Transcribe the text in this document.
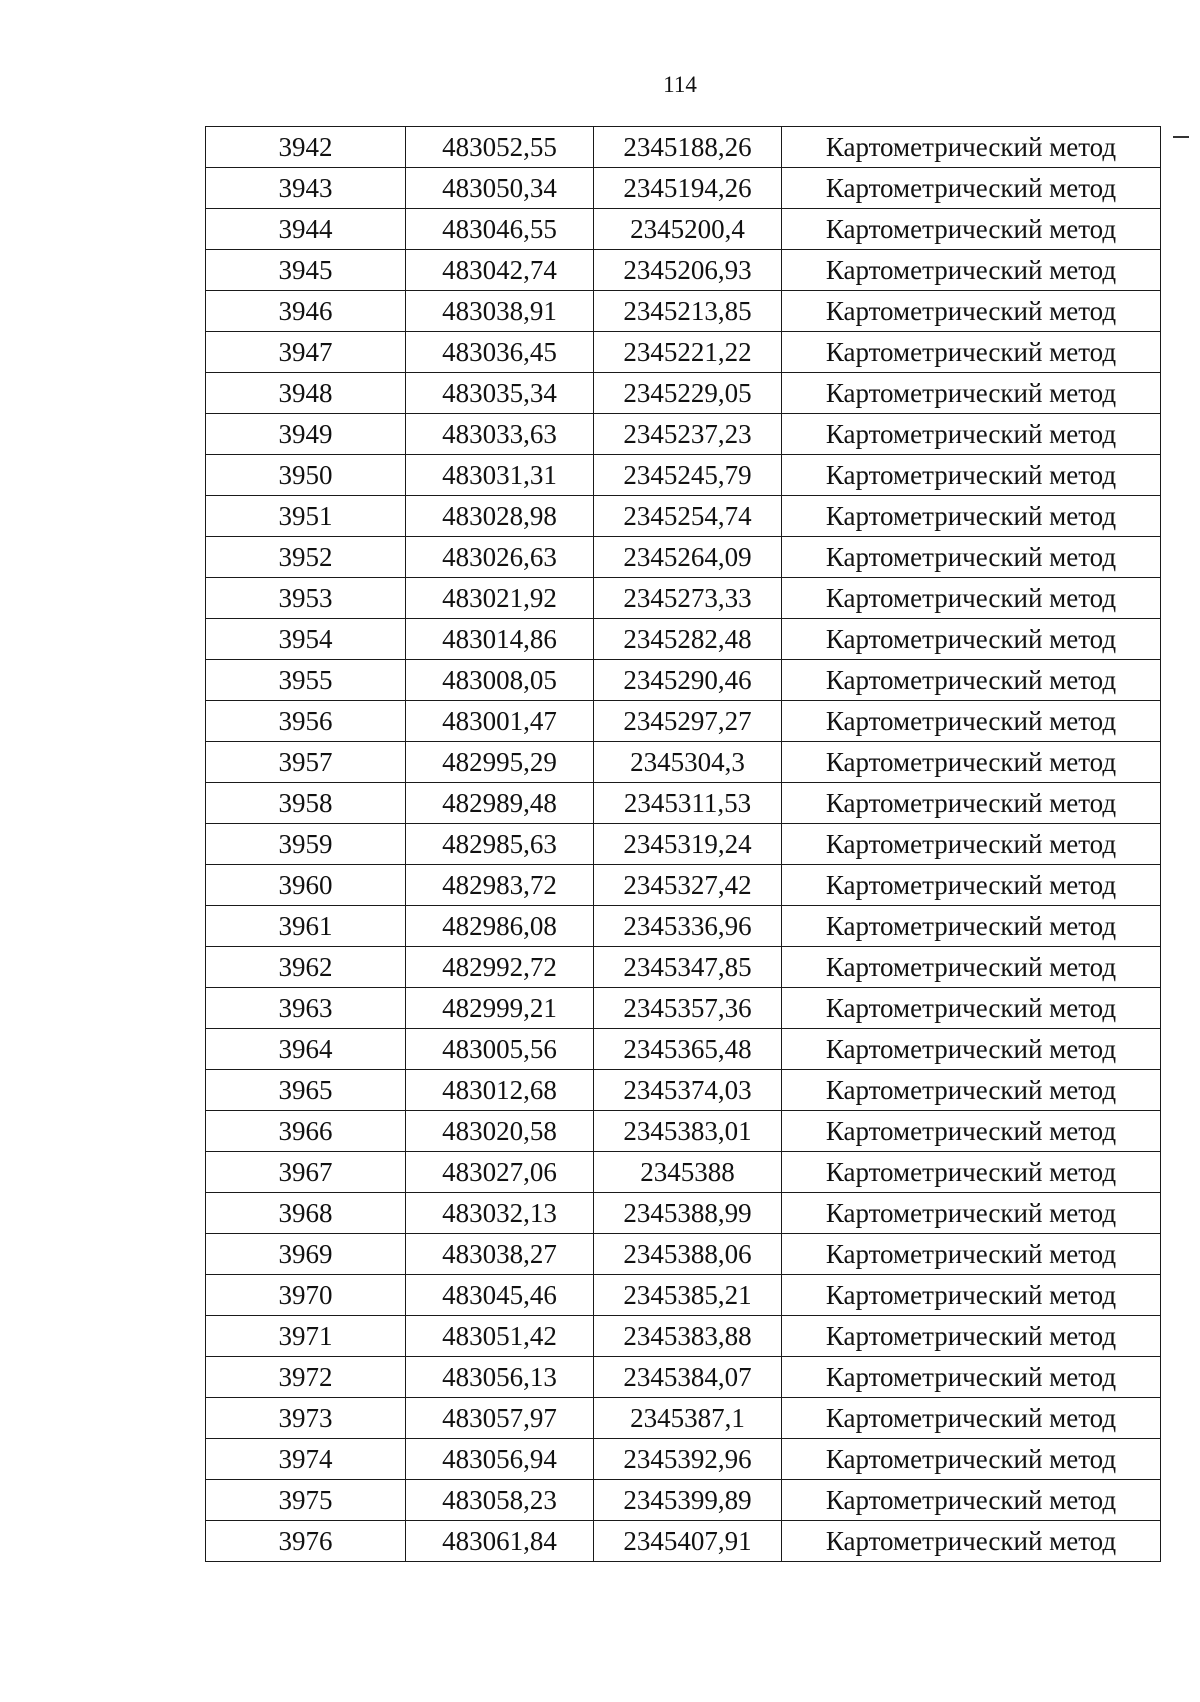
114
3942	483052,55	2345188,26	Картометрический метод
3943	483050,34	2345194,26	Картометрический метод
3944	483046,55	2345200,4	Картометрический метод
3945	483042,74	2345206,93	Картометрический метод
3946	483038,91	2345213,85	Картометрический метод
3947	483036,45	2345221,22	Картометрический метод
3948	483035,34	2345229,05	Картометрический метод
3949	483033,63	2345237,23	Картометрический метод
3950	483031,31	2345245,79	Картометрический метод
3951	483028,98	2345254,74	Картометрический метод
3952	483026,63	2345264,09	Картометрический метод
3953	483021,92	2345273,33	Картометрический метод
3954	483014,86	2345282,48	Картометрический метод
3955	483008,05	2345290,46	Картометрический метод
3956	483001,47	2345297,27	Картометрический метод
3957	482995,29	2345304,3	Картометрический метод
3958	482989,48	2345311,53	Картометрический метод
3959	482985,63	2345319,24	Картометрический метод
3960	482983,72	2345327,42	Картометрический метод
3961	482986,08	2345336,96	Картометрический метод
3962	482992,72	2345347,85	Картометрический метод
3963	482999,21	2345357,36	Картометрический метод
3964	483005,56	2345365,48	Картометрический метод
3965	483012,68	2345374,03	Картометрический метод
3966	483020,58	2345383,01	Картометрический метод
3967	483027,06	2345388	Картометрический метод
3968	483032,13	2345388,99	Картометрический метод
3969	483038,27	2345388,06	Картометрический метод
3970	483045,46	2345385,21	Картометрический метод
3971	483051,42	2345383,88	Картометрический метод
3972	483056,13	2345384,07	Картометрический метод
3973	483057,97	2345387,1	Картометрический метод
3974	483056,94	2345392,96	Картометрический метод
3975	483058,23	2345399,89	Картометрический метод
3976	483061,84	2345407,91	Картометрический метод
